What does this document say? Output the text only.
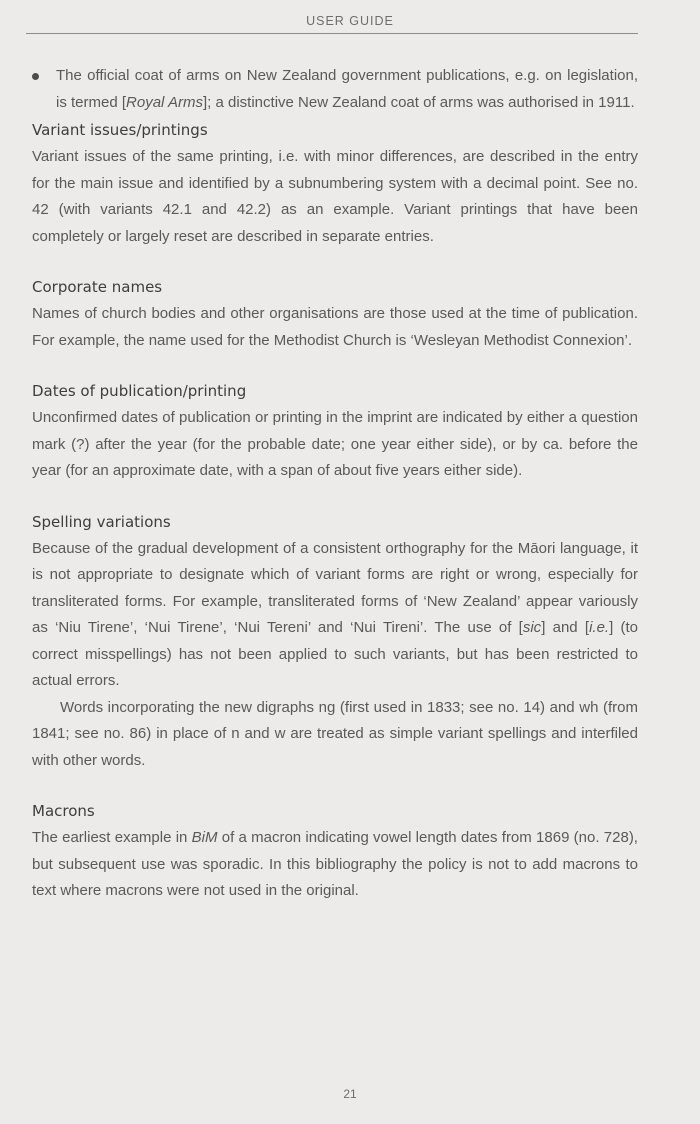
USER GUIDE

The official coat of arms on New Zealand government publications, e.g. on legislation, is termed [Royal Arms]; a distinctive New Zealand coat of arms was authorised in 1911.

Variant issues/printings

Variant issues of the same printing, i.e. with minor differences, are described in the entry for the main issue and identified by a subnumbering system with a decimal point. See no. 42 (with variants 42.1 and 42.2) as an example. Variant printings that have been completely or largely reset are described in separate entries.

Corporate names

Names of church bodies and other organisations are those used at the time of publication. For example, the name used for the Methodist Church is ‘Wesleyan Methodist Connexion’.

Dates of publication/printing

Unconfirmed dates of publication or printing in the imprint are indicated by either a question mark (?) after the year (for the probable date; one year either side), or by ca. before the year (for an approximate date, with a span of about five years either side).

Spelling variations

Because of the gradual development of a consistent orthography for the Māori language, it is not appropriate to designate which of variant forms are right or wrong, especially for transliterated forms. For example, transliterated forms of ‘New Zealand’ appear variously as ‘Niu Tirene’, ‘Nui Tirene’, ‘Nui Tereni’ and ‘Nui Tireni’. The use of [sic] and [i.e.] (to correct misspellings) has not been applied to such variants, but has been restricted to actual errors.

Words incorporating the new digraphs ng (first used in 1833; see no. 14) and wh (from 1841; see no. 86) in place of n and w are treated as simple variant spellings and interfiled with other words.

Macrons

The earliest example in BiM of a macron indicating vowel length dates from 1869 (no. 728), but subsequent use was sporadic. In this bibliography the policy is not to add macrons to text where macrons were not used in the original.

21
